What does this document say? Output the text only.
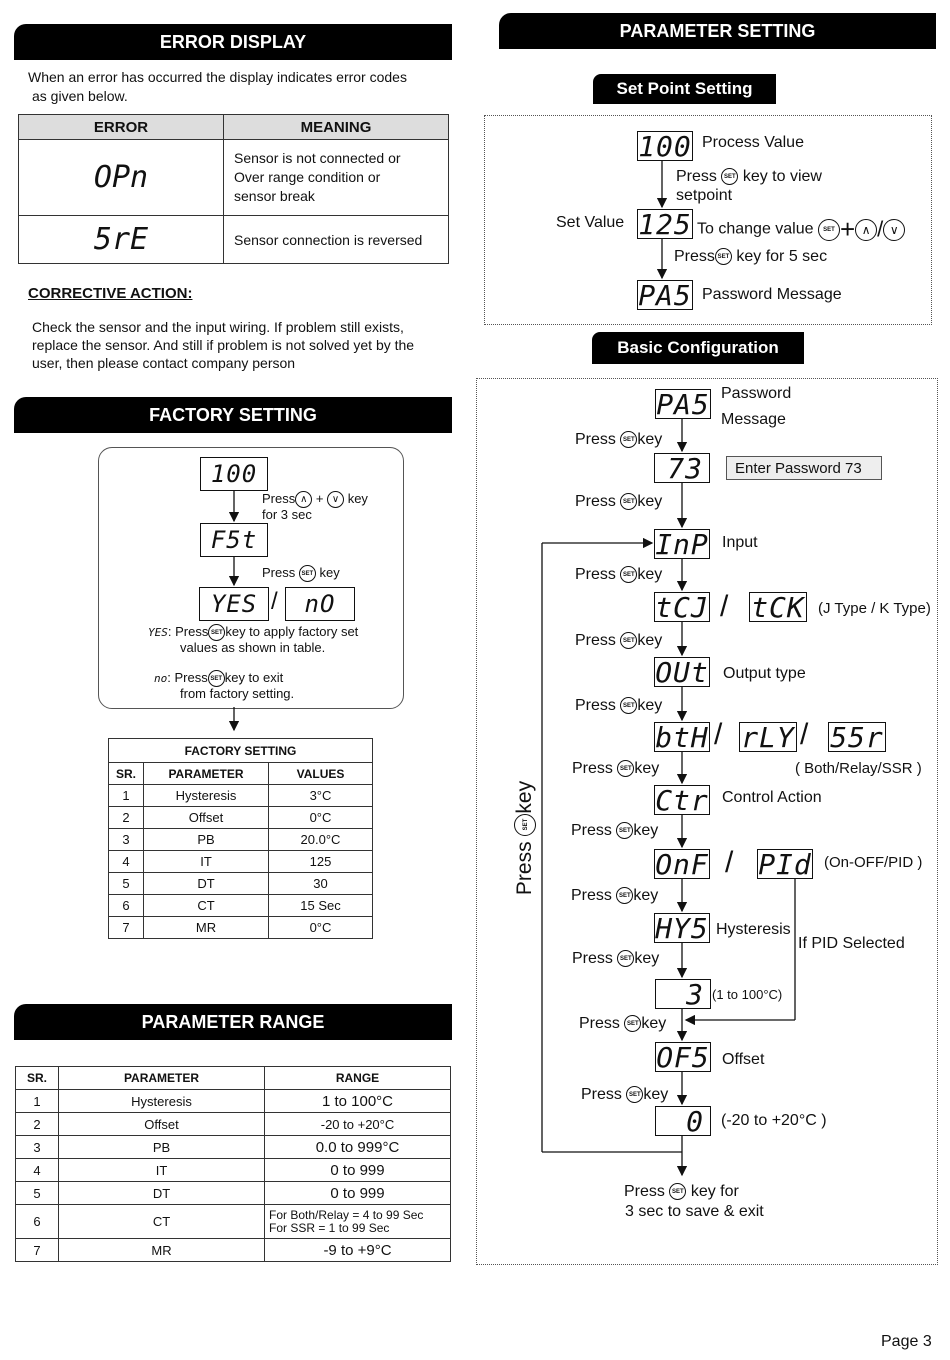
ERROR DISPLAY
When an error has occurred the display indicates error codes
as given below.
ERROR	MEANING
OPn	Sensor is not connected or
Over range condition or
sensor break

5rE	Sensor connection is reversed
CORRECTIVE ACTION:
Check the sensor and the input wiring. If problem still exists,
replace the sensor. And still if problem is not solved yet by the
user, then please contact company person
FACTORY SETTING
100
Press ∧ + ∨ key
for 3 sec
F5t
Press SET key
YES /	nO
YES: Press SET key to apply factory set
values as shown in table.
no: Press SET key to exit
from factory setting.
FACTORY SETTING		
SR.	PARAMETER	VALUES
1	Hysteresis	3°C
2	Offset	0°C
3	PB	20.0°C
4	IT	125
5	DT	30
6	CT	15 Sec
7	MR	0°C
PARAMETER RANGE
SR.	PARAMETER	RANGE
1	Hysteresis	1 to 100°C
2	Offset	-20 to +20°C
3	PB	0.0 to 999°C
4	IT	0 to 999
5	DT	0 to 999
6	CT	For Both/Relay = 4 to 99 Sec
For SSR = 1 to 99 Sec
7	MR	-9 to +9°C
PARAMETER SETTING
Set Point Setting
100 Process Value
Press SET key to view
setpoint
Set Value 125 To change value SET + ∧ / ∨
Press SET key for 5 sec
PA5 Password Message
Basic Configuration
PA5 Password
Message
Press SET key
73	Enter Password 73
Press SET key
InP Input
Press SET key
tCJ / tCK (J Type / K Type)
Press SET key
OUt Output type
Press SET key
btH / rLY / 55r
Press SET key	( Both/Relay/SSR )
Ctr Control Action
Press SET key
OnF / PId (On-OFF/PID )
Press SET key
HY5 Hysteresis
If PID Selected
Press SET key
3 (1 to 100°C)
Press SET key
OF5 Offset
Press SET key
0	(-20 to +20°C )
Press SET key for
3 sec to save & exit
Press SETkey
Page 3
